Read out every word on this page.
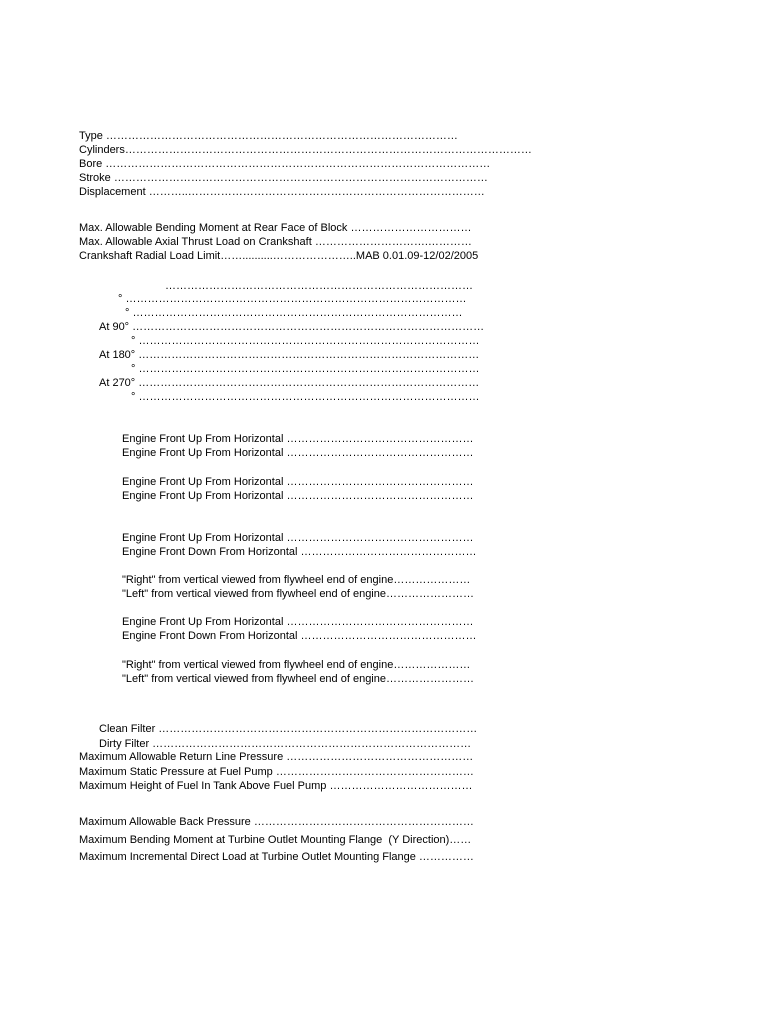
Type ……………………………………………………………………………………
Cylinders…………………………………………………………………………………………………
Bore ……………………………………………………………………………………………
Stroke …………………………………………………………………………………………
Displacement ………..………………………………………………………………………
Max. Allowable Bending Moment at Rear Face of Block ……………………………
Max. Allowable Axial Thrust Load on Crankshaft ………………………….…………
Crankshaft Radial Load Limit……..........…………………..MAB 0.01.09-12/02/2005
…………………………………………………………………………
° …………………………………………………………………………………
° ………………………………………………………………………………
At 90° ……………………………………………………………………………………
° …………………………………………………………………………………
At 180° …………………………………………………………………………………
° …………………………………………………………………………………
At 270° …………………………………………………………………………………
° …………………………………………………………………………………
Engine Front Up From Horizontal ……………………………………………
Engine Front Up From Horizontal ……………………………………………
Engine Front Up From Horizontal ……………………………………………
Engine Front Up From Horizontal ……………………………………………
Engine Front Up From Horizontal ……………………………………………
Engine Front Down From Horizontal …………………………………………
"Right" from vertical viewed from flywheel end of engine…………………
"Left" from vertical viewed from flywheel end of engine……………………
Engine Front Up From Horizontal ……………………………………………
Engine Front Down From Horizontal …………………………………………
"Right" from vertical viewed from flywheel end of engine…………………
"Left" from vertical viewed from flywheel end of engine……………………
Clean Filter ……………………………………………………………………………
Dirty Filter ……………………………………………………………………………
Maximum Allowable Return Line Pressure ……………………………………………
Maximum Static Pressure at Fuel Pump ………………………………………………
Maximum Height of Fuel In Tank Above Fuel Pump …………………………………
Maximum Allowable Back Pressure ……………………………………………………
Maximum Bending Moment at Turbine Outlet Mounting Flange  (Y Direction)……
Maximum Incremental Direct Load at Turbine Outlet Mounting Flange ……………
